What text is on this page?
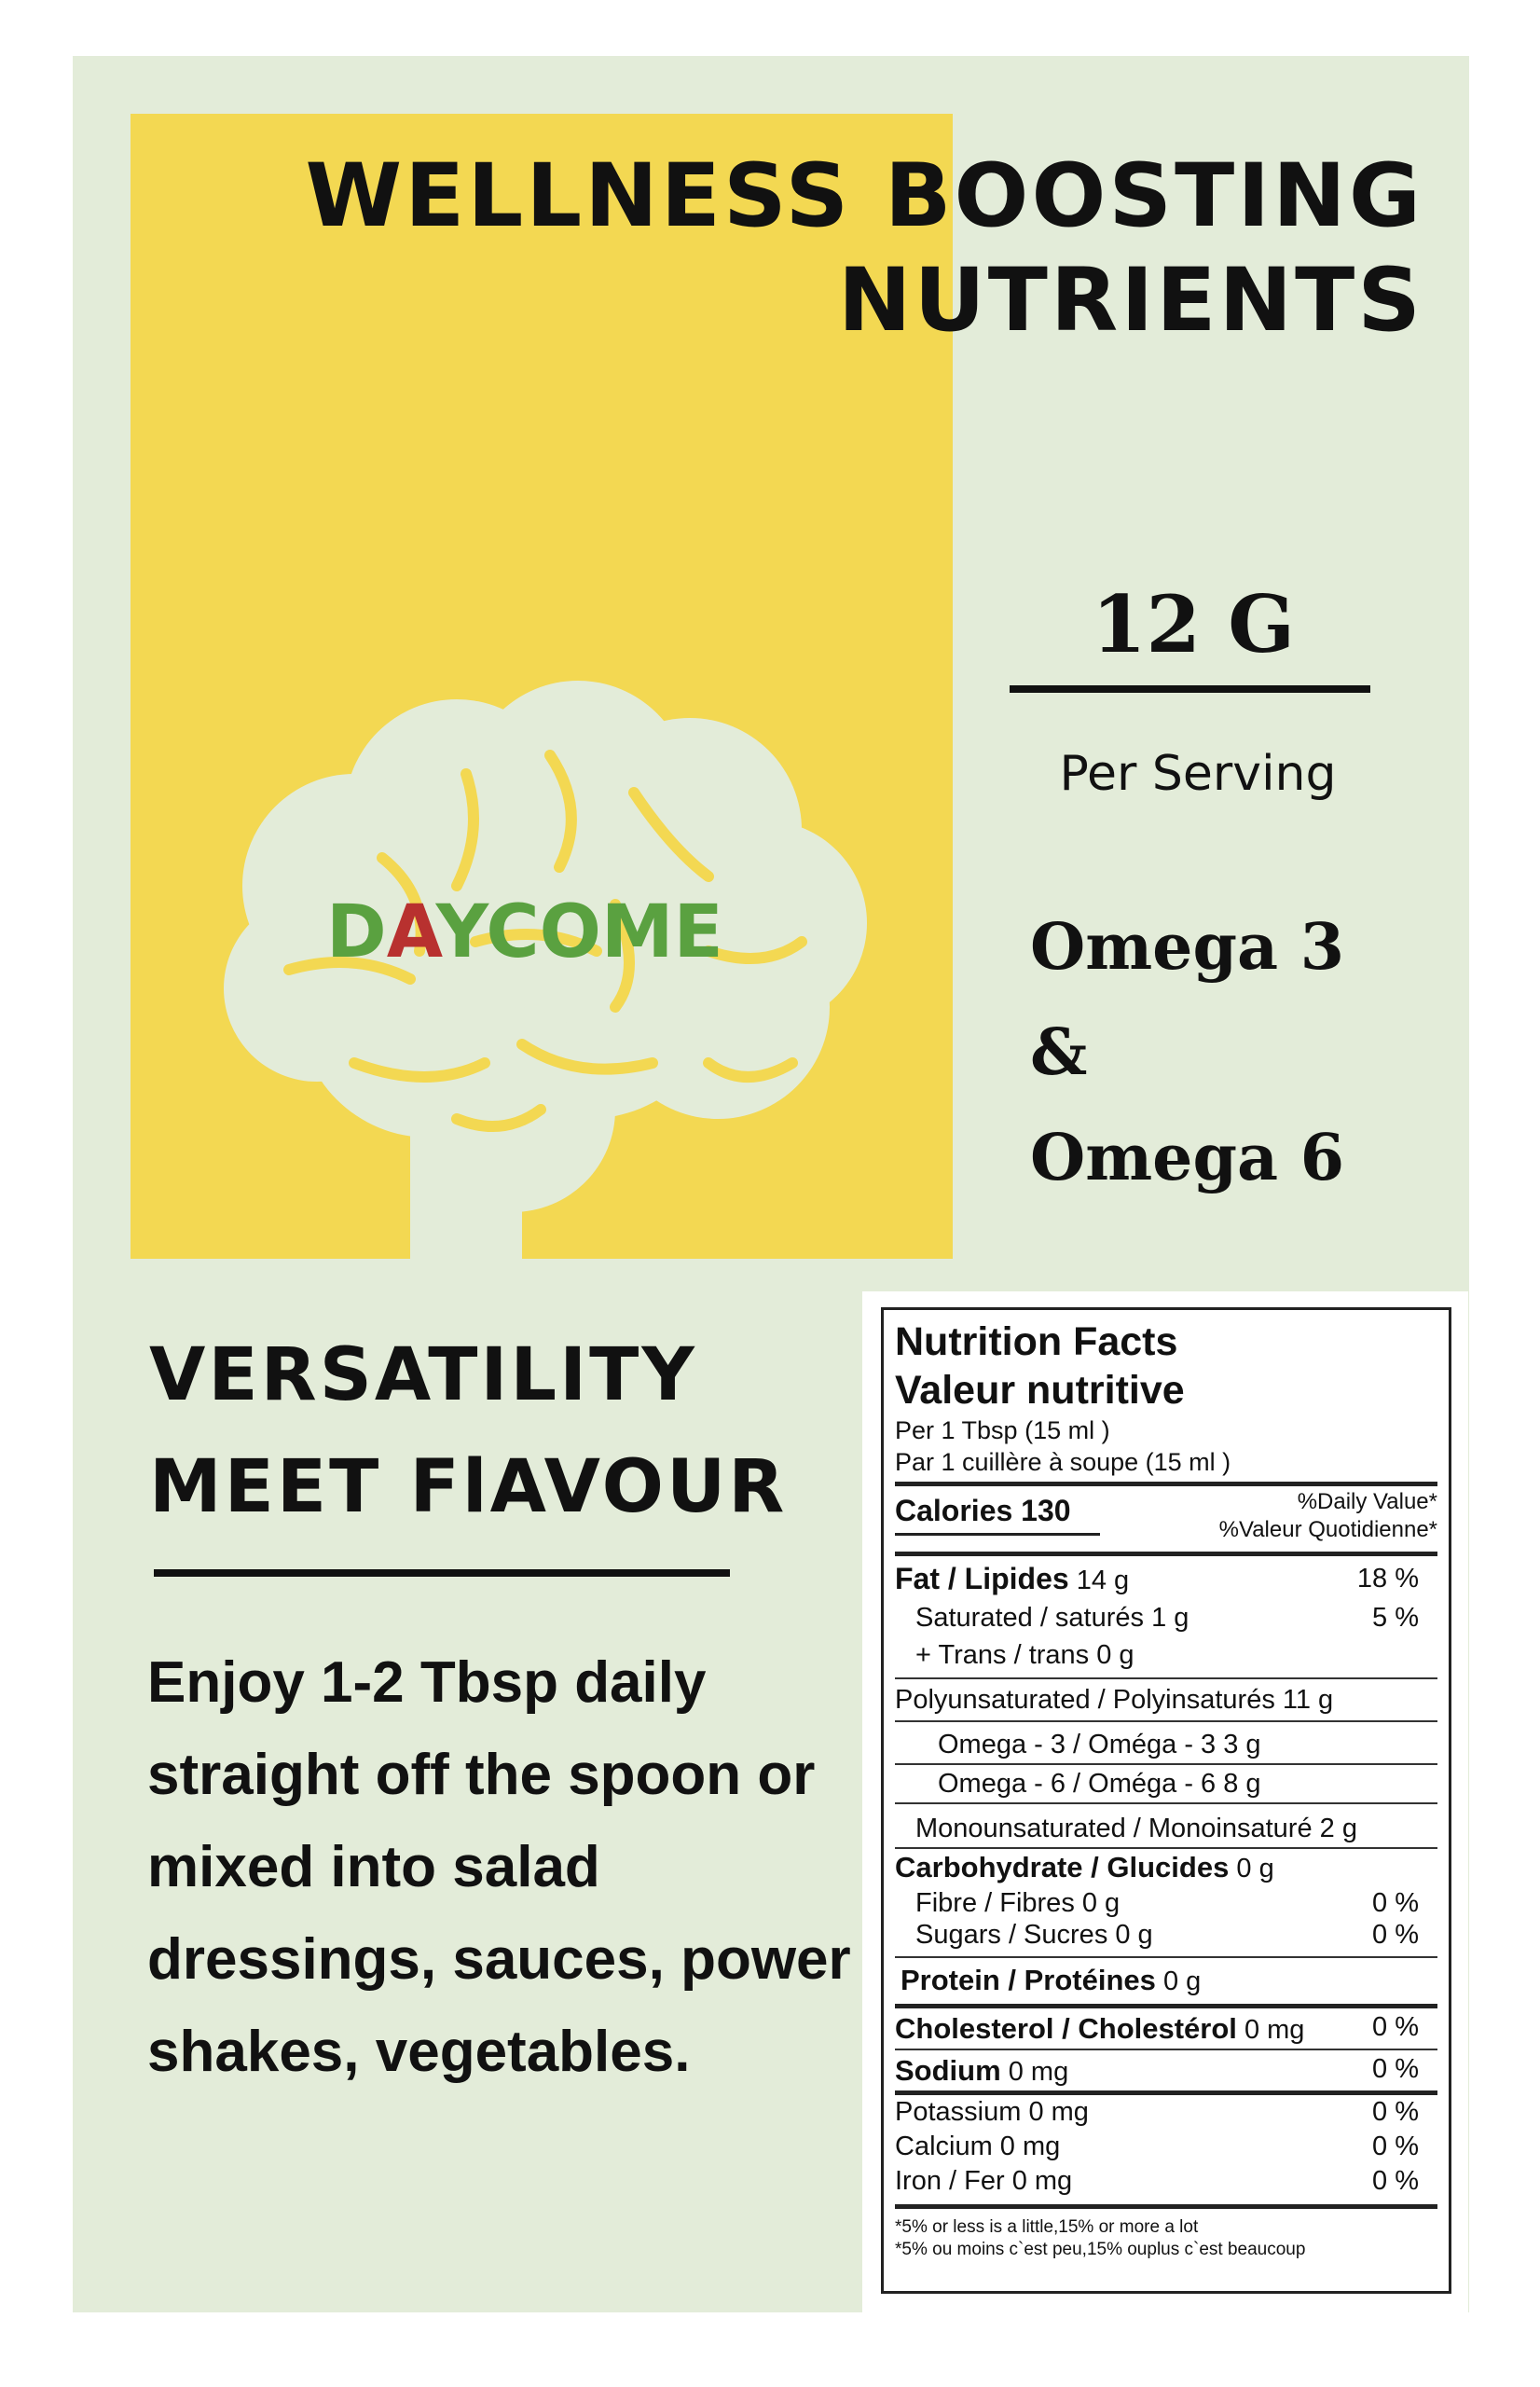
DAYCOME
WELLNESS BOOSTING
NUTRIENTS
12 G
Per Serving
Omega 3
&
Omega 6
VERSATILITY
MEET FlAVOUR
Enjoy 1-2 Tbsp daily straight off the spoon or mixed into salad dressings, sauces, power shakes, vegetables.
Nutrition Facts
Valeur nutritive
Per 1 Tbsp (15 ml )
Par 1 cuillère à soupe (15 ml )
Calories 130	%Daily Value*
%Valeur Quotidienne*
Fat / Lipides 14 g	18 %
Saturated / saturés 1 g	5 %
+ Trans / trans 0 g
Polyunsaturated / Polyinsaturés 11 g
Omega - 3 / Oméga - 3 3 g
Omega - 6 / Oméga - 6 8 g
Monounsaturated / Monoinsaturé 2 g
Carbohydrate / Glucides 0 g
Fibre / Fibres 0 g	0 %
Sugars / Sucres 0 g	0 %
Protein / Protéines 0 g
Cholesterol / Cholestérol 0 mg	0 %
Sodium 0 mg	0 %
Potassium 0 mg	0 %
Calcium 0 mg	0 %
Iron / Fer 0 mg	0 %
*5% or less is a little,15% or more a lot
*5% ou moins c`est peu,15% ouplus c`est beaucoup
